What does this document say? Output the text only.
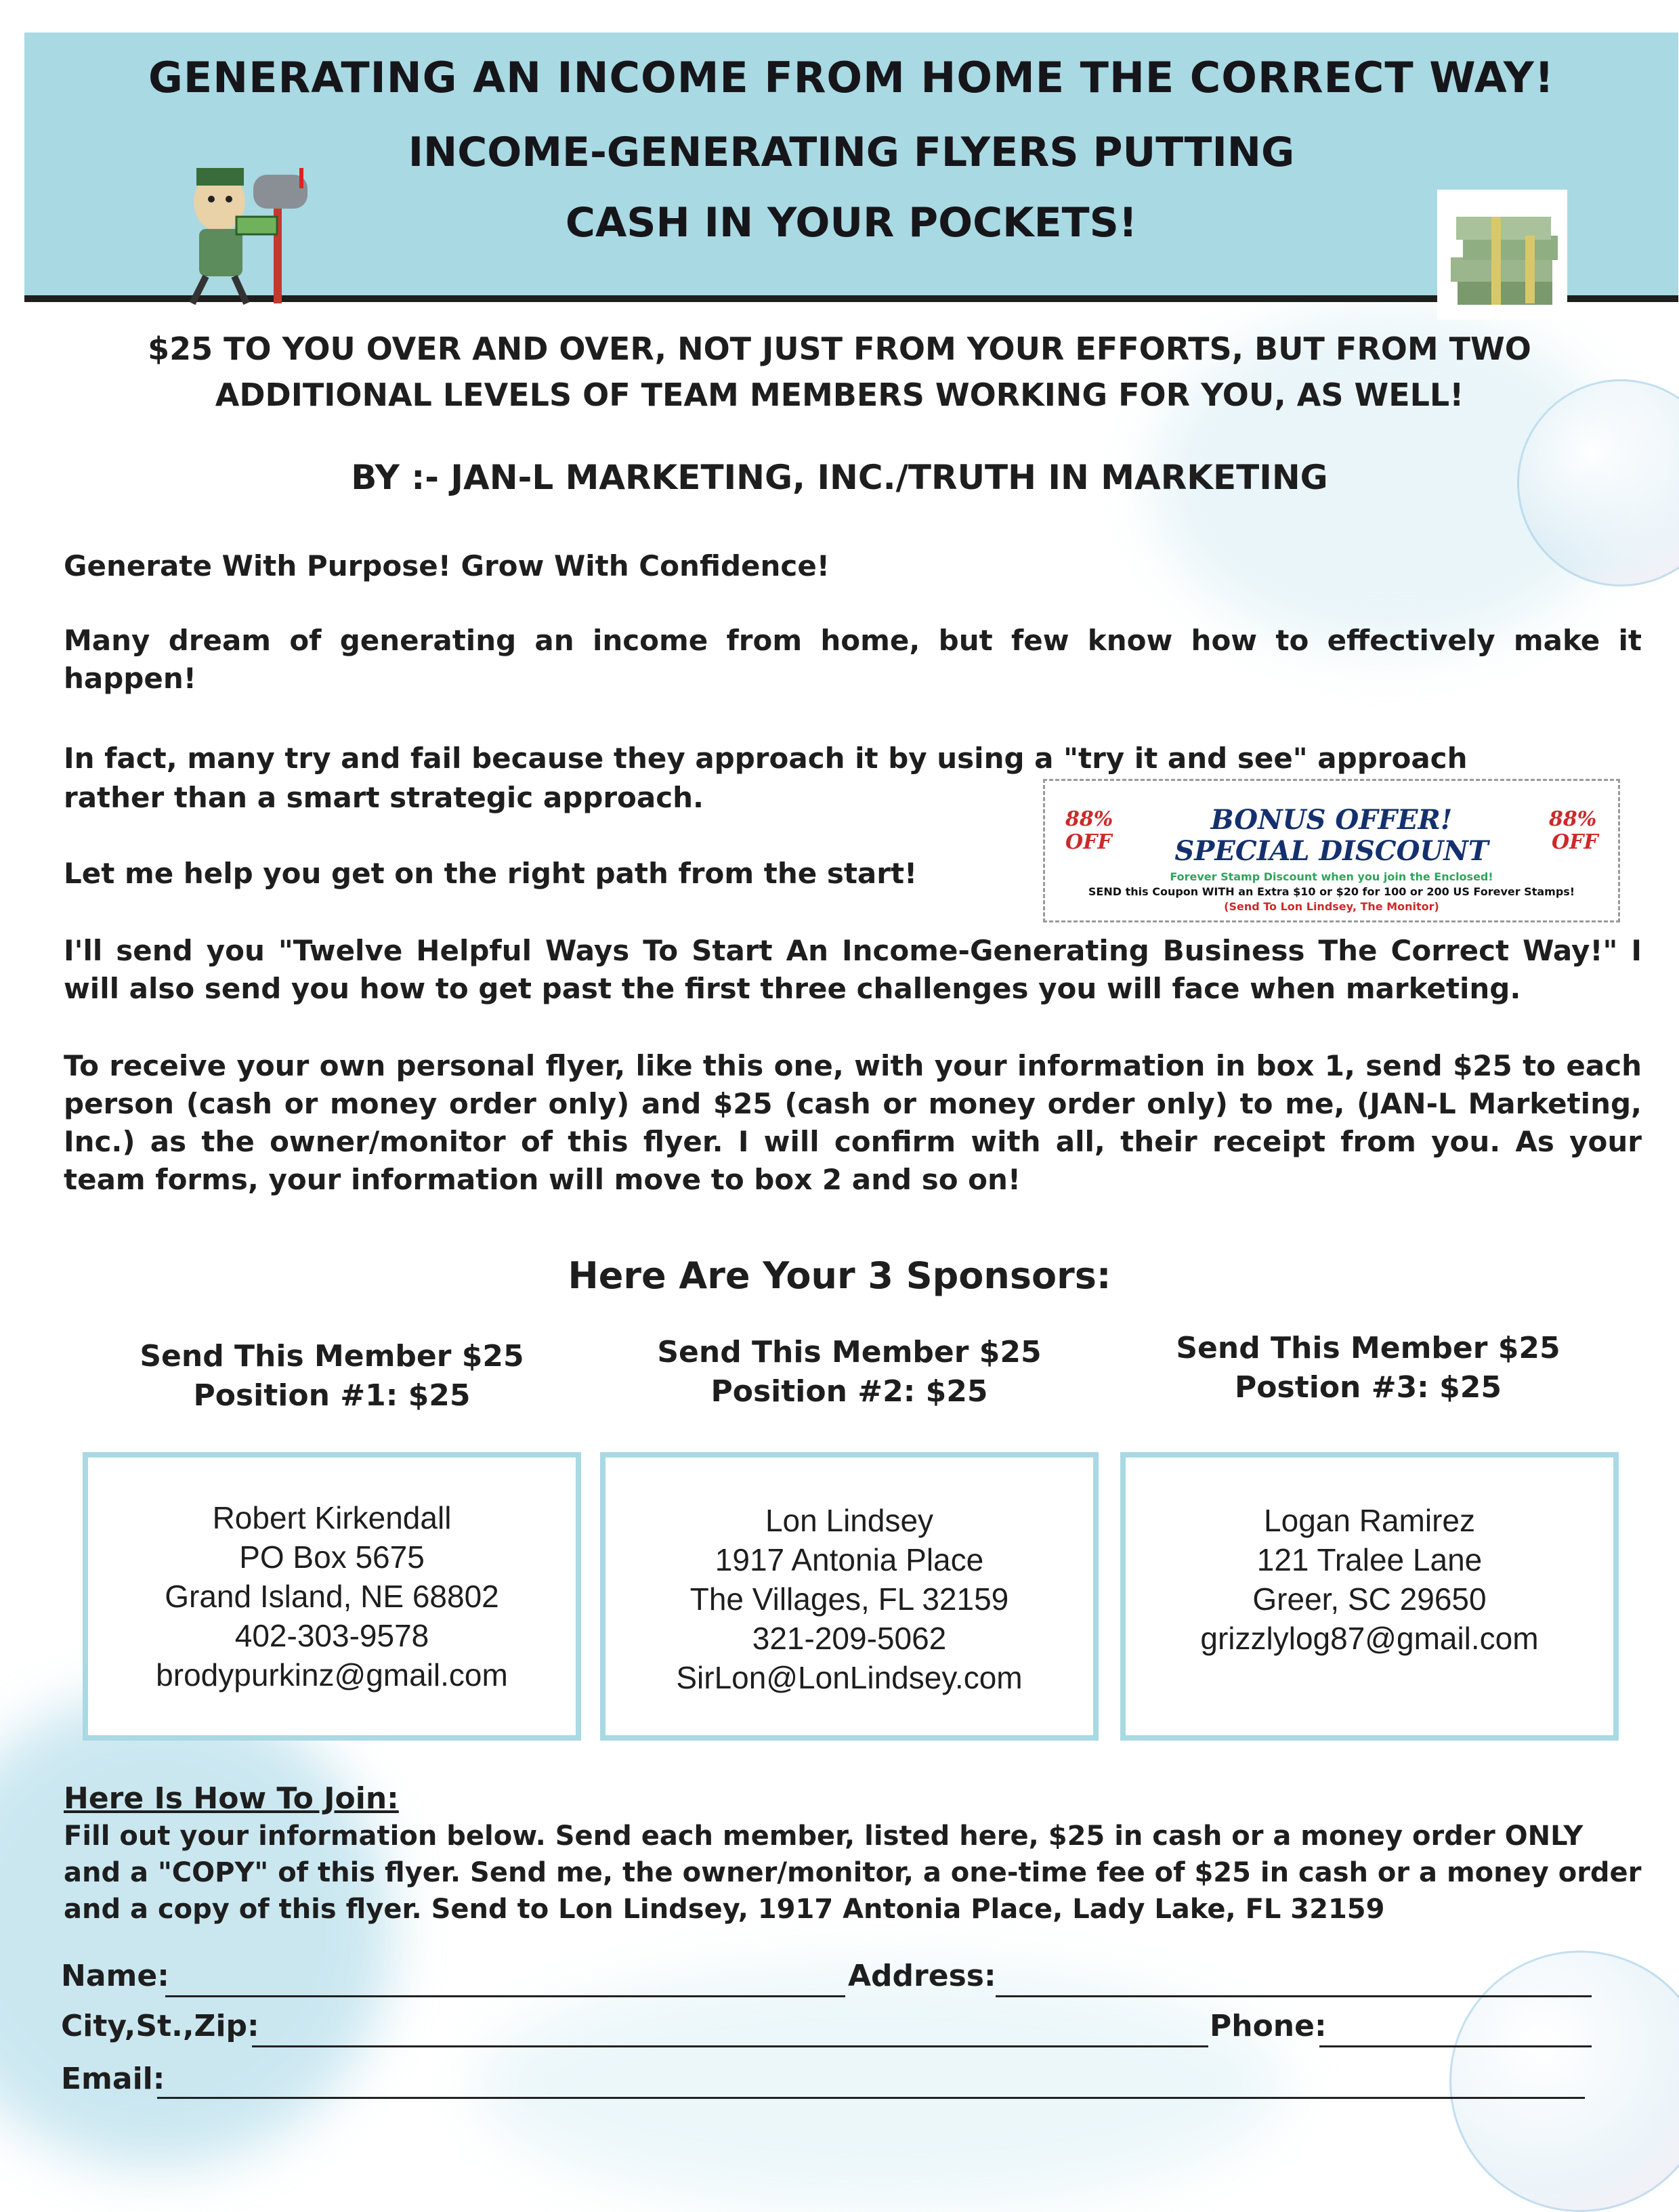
GENERATING AN INCOME FROM HOME THE CORRECT WAY!
INCOME-GENERATING FLYERS PUTTING
CASH IN YOUR POCKETS!
$25 TO YOU OVER AND OVER, NOT JUST FROM YOUR EFFORTS, BUT FROM TWO
ADDITIONAL LEVELS OF TEAM MEMBERS WORKING FOR YOU, AS WELL!
BY :- JAN-L MARKETING, INC./TRUTH IN MARKETING
Generate With Purpose! Grow With Confidence!
Many dream of generating an income from home, but few know how to effectively make it happen!
In fact, many try and fail because they approach it by using a "try it and see" approach
rather than a smart strategic approach.
Let me help you get on the right path from the start!
I'll send you "Twelve Helpful Ways To Start An Income-Generating Business The Correct Way!" I will also send you how to get past the first three challenges you will face when marketing.
To receive your own personal flyer, like this one, with your information in box 1, send $25 to each person (cash or money order only) and $25 (cash or money order only) to me, (JAN-L Marketing, Inc.) as the owner/monitor of this flyer. I will confirm with all, their receipt from you. As your team forms, your information will move to box 2 and so on!
88%
OFF
88%
OFF
BONUS OFFER!
SPECIAL DISCOUNT
Forever Stamp Discount when you join the Enclosed!
SEND this Coupon WITH an Extra $10 or $20 for 100 or 200 US Forever Stamps!
(Send To Lon Lindsey, The Monitor)
Here Are Your 3 Sponsors:
Send This Member $25
Position #1: $25
Send This Member $25
Position #2: $25
Send This Member $25
Postion #3: $25
Robert Kirkendall
PO Box 5675
Grand Island, NE 68802
402-303-9578
brodypurkinz@gmail.com
Lon Lindsey
1917 Antonia Place
The Villages, FL 32159
321-209-5062
SirLon@LonLindsey.com
Logan Ramirez
121 Tralee Lane
Greer, SC 29650
grizzlylog87@gmail.com
Here Is How To Join:
Fill out your information below. Send each member, listed here, $25 in cash or a money order ONLY and a "COPY" of this flyer. Send me, the owner/monitor, a one-time fee of $25 in cash or a money order and a copy of this flyer. Send to Lon Lindsey, 1917 Antonia Place, Lady Lake, FL 32159
Name:	Address:
City,St.,Zip:	Phone:
Email:
